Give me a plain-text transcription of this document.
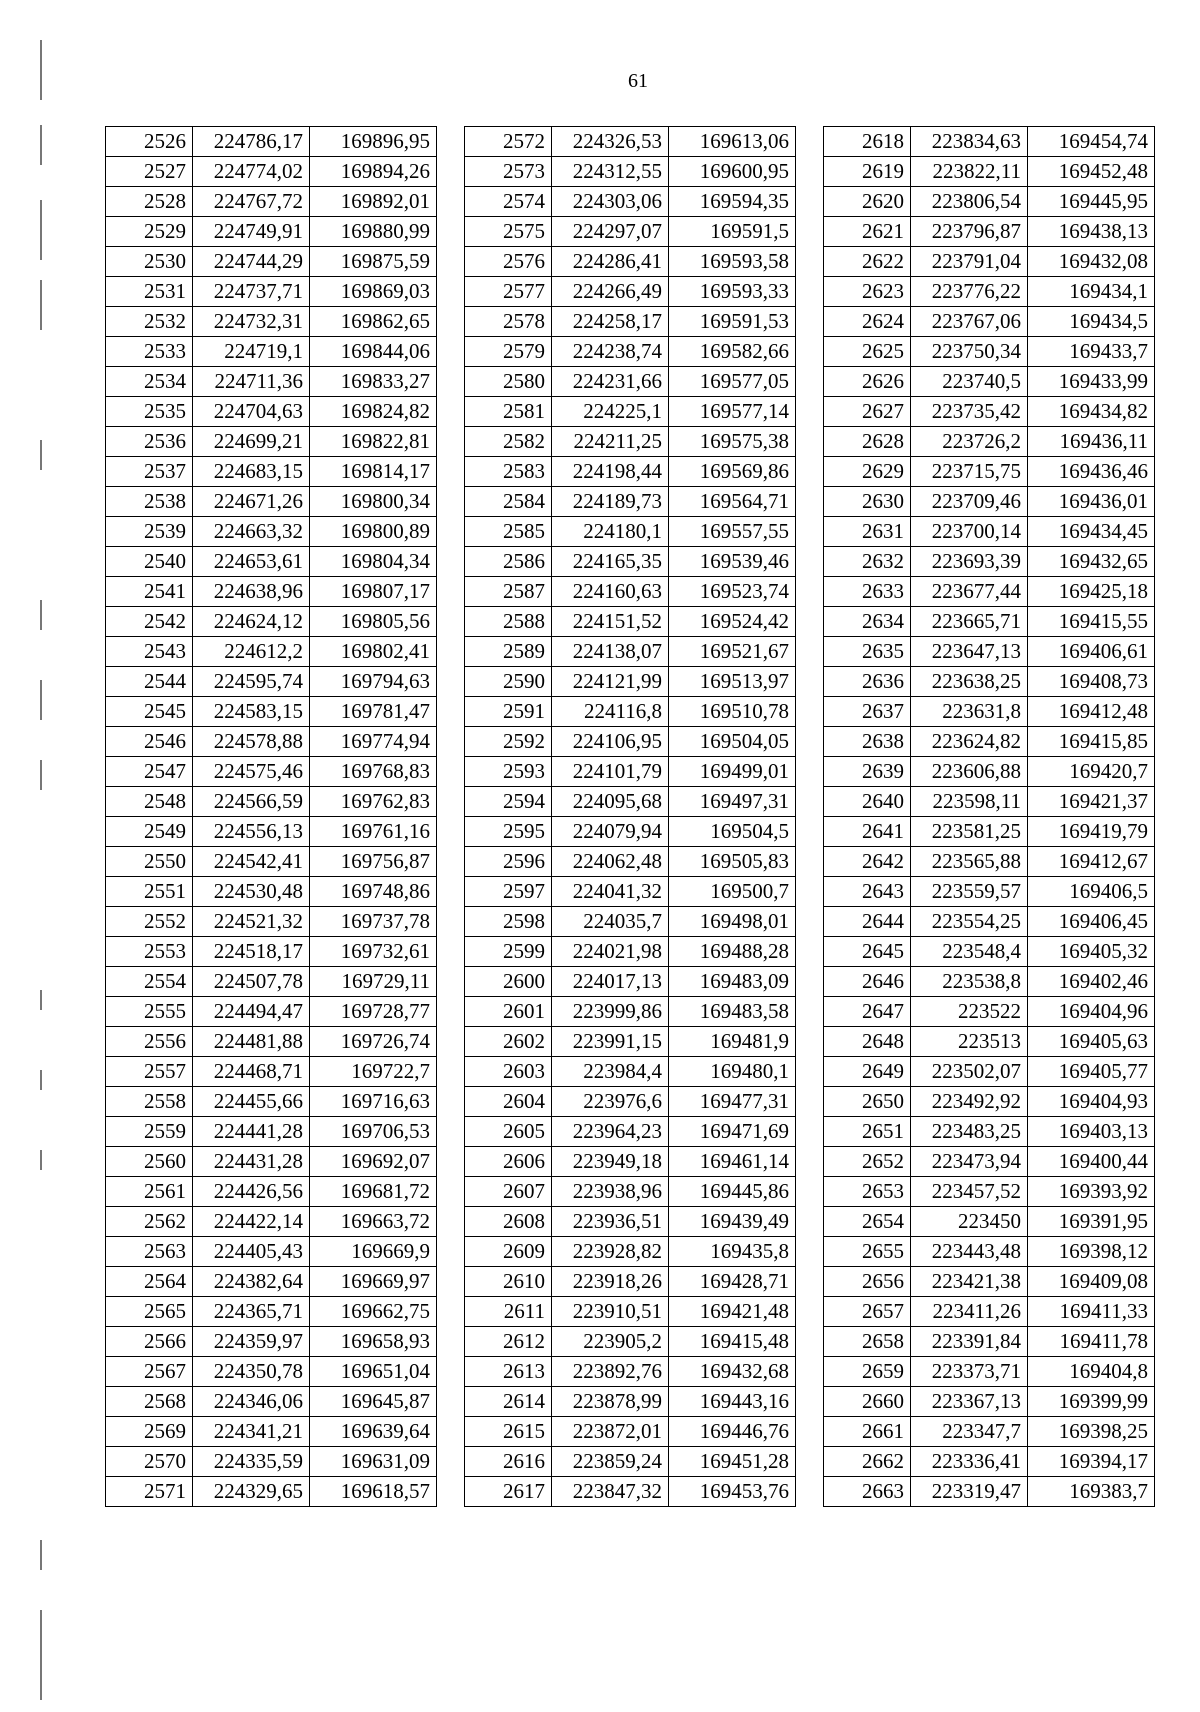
61
2526	224786,17	169896,95
2527	224774,02	169894,26
2528	224767,72	169892,01
2529	224749,91	169880,99
2530	224744,29	169875,59
2531	224737,71	169869,03
2532	224732,31	169862,65
2533	224719,1	169844,06
2534	224711,36	169833,27
2535	224704,63	169824,82
2536	224699,21	169822,81
2537	224683,15	169814,17
2538	224671,26	169800,34
2539	224663,32	169800,89
2540	224653,61	169804,34
2541	224638,96	169807,17
2542	224624,12	169805,56
2543	224612,2	169802,41
2544	224595,74	169794,63
2545	224583,15	169781,47
2546	224578,88	169774,94
2547	224575,46	169768,83
2548	224566,59	169762,83
2549	224556,13	169761,16
2550	224542,41	169756,87
2551	224530,48	169748,86
2552	224521,32	169737,78
2553	224518,17	169732,61
2554	224507,78	169729,11
2555	224494,47	169728,77
2556	224481,88	169726,74
2557	224468,71	169722,7
2558	224455,66	169716,63
2559	224441,28	169706,53
2560	224431,28	169692,07
2561	224426,56	169681,72
2562	224422,14	169663,72
2563	224405,43	169669,9
2564	224382,64	169669,97
2565	224365,71	169662,75
2566	224359,97	169658,93
2567	224350,78	169651,04
2568	224346,06	169645,87
2569	224341,21	169639,64
2570	224335,59	169631,09
2571	224329,65	169618,57
2572	224326,53	169613,06
2573	224312,55	169600,95
2574	224303,06	169594,35
2575	224297,07	169591,5
2576	224286,41	169593,58
2577	224266,49	169593,33
2578	224258,17	169591,53
2579	224238,74	169582,66
2580	224231,66	169577,05
2581	224225,1	169577,14
2582	224211,25	169575,38
2583	224198,44	169569,86
2584	224189,73	169564,71
2585	224180,1	169557,55
2586	224165,35	169539,46
2587	224160,63	169523,74
2588	224151,52	169524,42
2589	224138,07	169521,67
2590	224121,99	169513,97
2591	224116,8	169510,78
2592	224106,95	169504,05
2593	224101,79	169499,01
2594	224095,68	169497,31
2595	224079,94	169504,5
2596	224062,48	169505,83
2597	224041,32	169500,7
2598	224035,7	169498,01
2599	224021,98	169488,28
2600	224017,13	169483,09
2601	223999,86	169483,58
2602	223991,15	169481,9
2603	223984,4	169480,1
2604	223976,6	169477,31
2605	223964,23	169471,69
2606	223949,18	169461,14
2607	223938,96	169445,86
2608	223936,51	169439,49
2609	223928,82	169435,8
2610	223918,26	169428,71
2611	223910,51	169421,48
2612	223905,2	169415,48
2613	223892,76	169432,68
2614	223878,99	169443,16
2615	223872,01	169446,76
2616	223859,24	169451,28
2617	223847,32	169453,76
2618	223834,63	169454,74
2619	223822,11	169452,48
2620	223806,54	169445,95
2621	223796,87	169438,13
2622	223791,04	169432,08
2623	223776,22	169434,1
2624	223767,06	169434,5
2625	223750,34	169433,7
2626	223740,5	169433,99
2627	223735,42	169434,82
2628	223726,2	169436,11
2629	223715,75	169436,46
2630	223709,46	169436,01
2631	223700,14	169434,45
2632	223693,39	169432,65
2633	223677,44	169425,18
2634	223665,71	169415,55
2635	223647,13	169406,61
2636	223638,25	169408,73
2637	223631,8	169412,48
2638	223624,82	169415,85
2639	223606,88	169420,7
2640	223598,11	169421,37
2641	223581,25	169419,79
2642	223565,88	169412,67
2643	223559,57	169406,5
2644	223554,25	169406,45
2645	223548,4	169405,32
2646	223538,8	169402,46
2647	223522	169404,96
2648	223513	169405,63
2649	223502,07	169405,77
2650	223492,92	169404,93
2651	223483,25	169403,13
2652	223473,94	169400,44
2653	223457,52	169393,92
2654	223450	169391,95
2655	223443,48	169398,12
2656	223421,38	169409,08
2657	223411,26	169411,33
2658	223391,84	169411,78
2659	223373,71	169404,8
2660	223367,13	169399,99
2661	223347,7	169398,25
2662	223336,41	169394,17
2663	223319,47	169383,7
